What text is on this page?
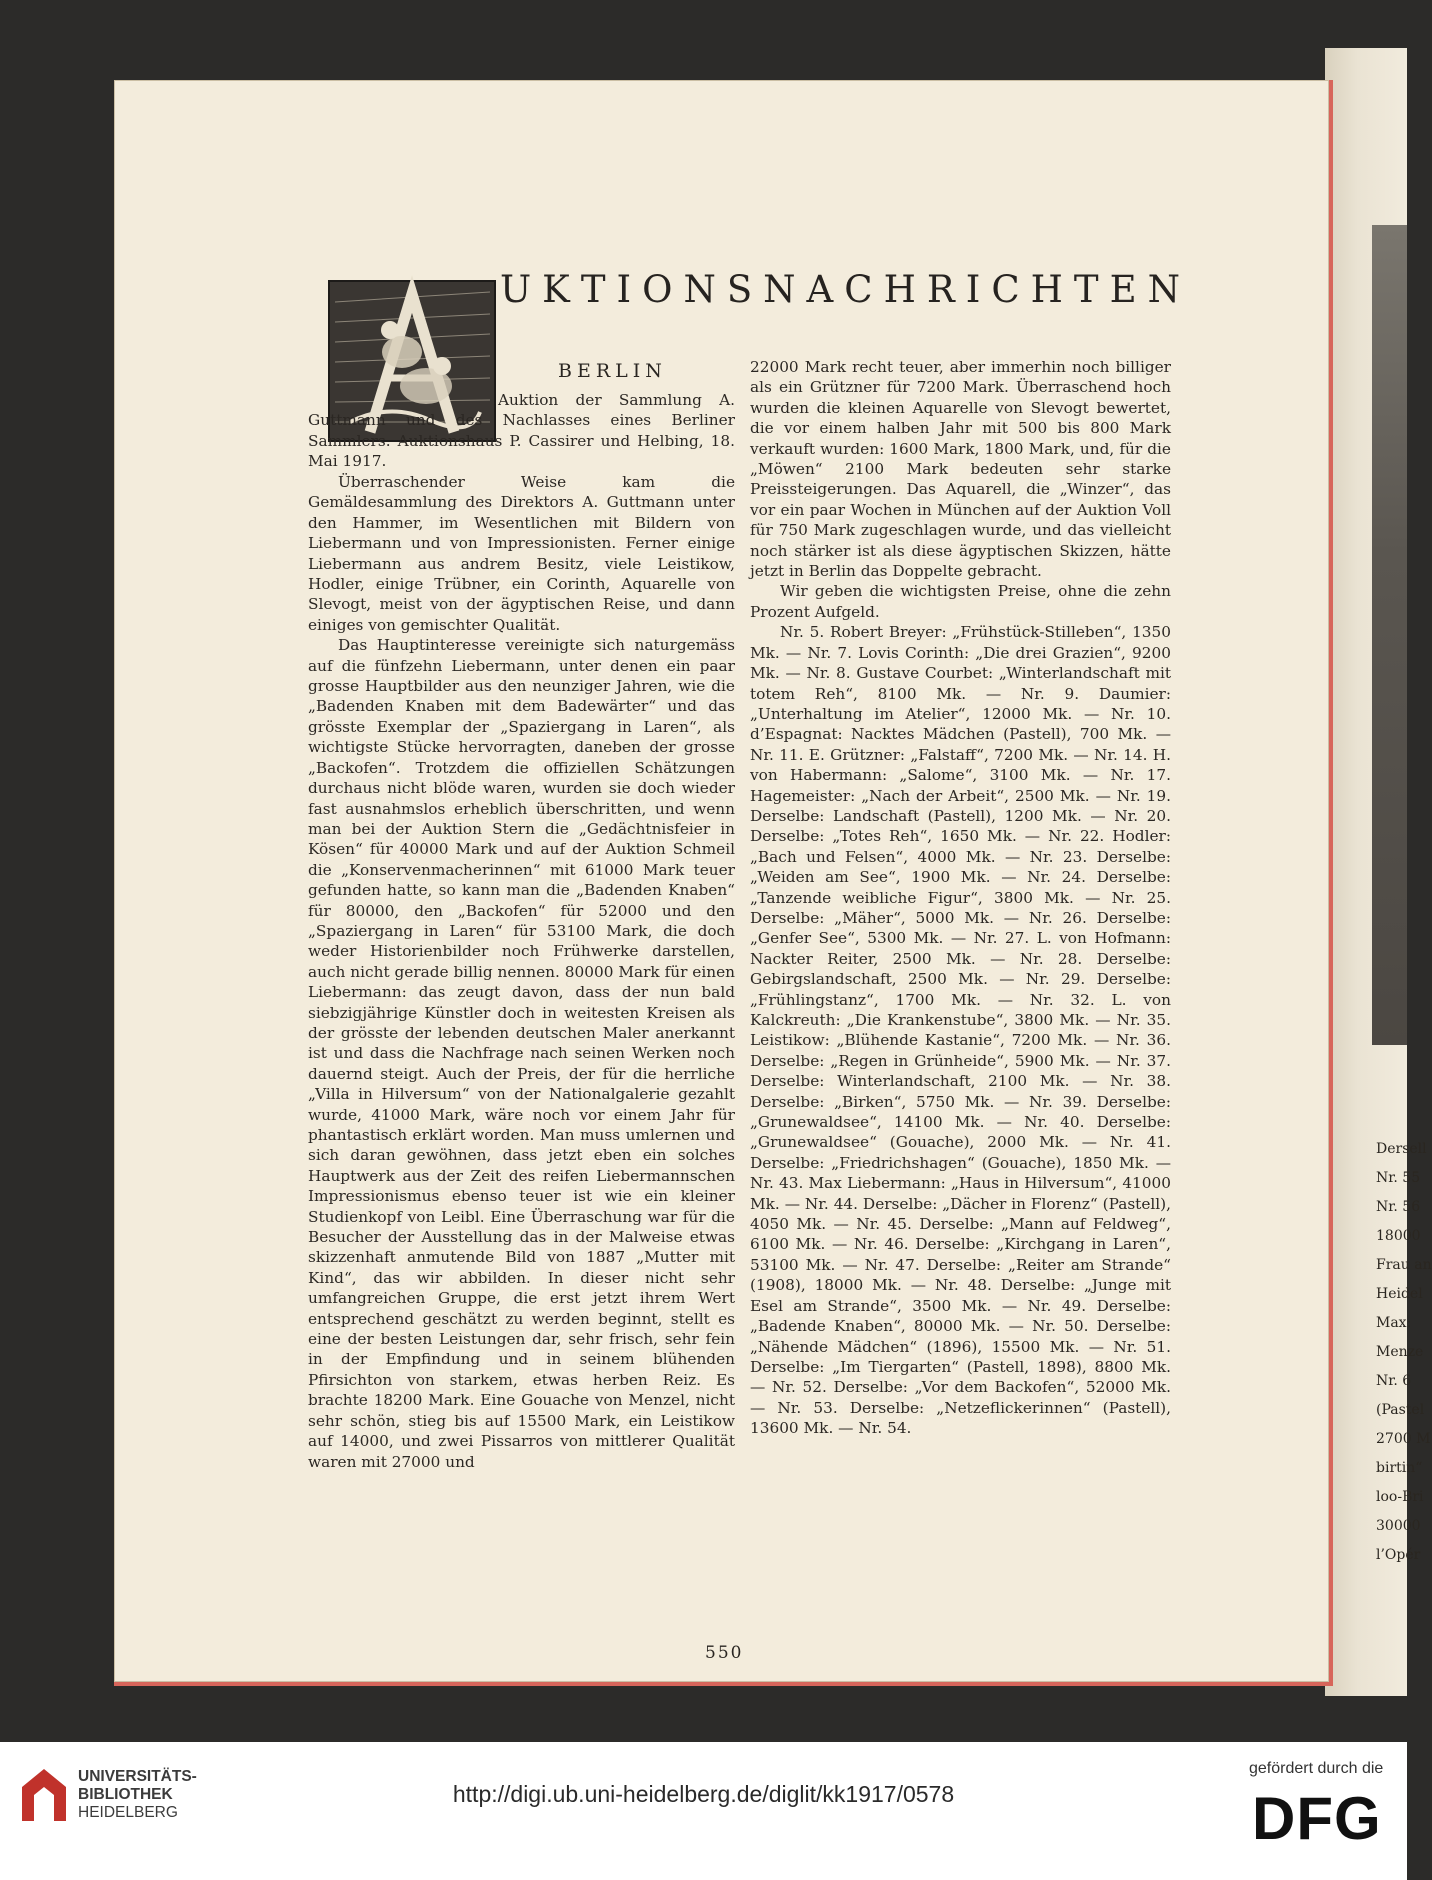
Dersell
Nr. 55
Nr. 56
18000
Frau an
Heidel
Max:
Menze
Nr. 6
(Pastel
2700 M
birtin“
loo-Bri
30000
l’Opér
UKTIONSNACHRICHTEN
BERLIN
Auktion der Sammlung A. Guttmann und des Nachlasses eines Berliner Sammlers. Auktionshaus P. Cassirer und Helbing, 18. Mai 1917.

Überraschender Weise kam die Gemäldesammlung des Direktors A. Guttmann unter den Hammer, im Wesentlichen mit Bildern von Liebermann und von Impressionisten. Ferner einige Liebermann aus andrem Besitz, viele Leistikow, Hodler, einige Trübner, ein Corinth, Aquarelle von Slevogt, meist von der ägyptischen Reise, und dann einiges von gemischter Qualität.

Das Hauptinteresse vereinigte sich naturgemäss auf die fünfzehn Liebermann, unter denen ein paar grosse Hauptbilder aus den neunziger Jahren, wie die „Badenden Knaben mit dem Badewärter“ und das grösste Exemplar der „Spaziergang in Laren“, als wichtigste Stücke hervorragten, daneben der grosse „Backofen“. Trotzdem die offiziellen Schätzungen durchaus nicht blöde waren, wurden sie doch wieder fast ausnahmslos erheblich überschritten, und wenn man bei der Auktion Stern die „Gedächtnisfeier in Kösen“ für 40000 Mark und auf der Auktion Schmeil die „Konservenmacherinnen“ mit 61000 Mark teuer gefunden hatte, so kann man die „Badenden Knaben“ für 80000, den „Backofen“ für 52000 und den „Spaziergang in Laren“ für 53100 Mark, die doch weder Historienbilder noch Frühwerke darstellen, auch nicht gerade billig nennen. 80000 Mark für einen Liebermann: das zeugt davon, dass der nun bald siebzigjährige Künstler doch in weitesten Kreisen als der grösste der lebenden deutschen Maler anerkannt ist und dass die Nachfrage nach seinen Werken noch dauernd steigt. Auch der Preis, der für die herrliche „Villa in Hilversum“ von der Nationalgalerie gezahlt wurde, 41000 Mark, wäre noch vor einem Jahr für phantastisch erklärt worden. Man muss umlernen und sich daran gewöhnen, dass jetzt eben ein solches Hauptwerk aus der Zeit des reifen Liebermannschen Impressionismus ebenso teuer ist wie ein kleiner Studienkopf von Leibl. Eine Überraschung war für die Besucher der Ausstellung das in der Malweise etwas skizzenhaft anmutende Bild von 1887 „Mutter mit Kind“, das wir abbilden. In dieser nicht sehr umfangreichen Gruppe, die erst jetzt ihrem Wert entsprechend geschätzt zu werden beginnt, stellt es eine der besten Leistungen dar, sehr frisch, sehr fein in der Empfindung und in seinem blühenden Pfirsichton von starkem, etwas herben Reiz. Es brachte 18200 Mark. Eine Gouache von Menzel, nicht sehr schön, stieg bis auf 15500 Mark, ein Leistikow auf 14000, und zwei Pissarros von mittlerer Qualität waren mit 27000 und

22000 Mark recht teuer, aber immerhin noch billiger als ein Grützner für 7200 Mark. Überraschend hoch wurden die kleinen Aquarelle von Slevogt bewertet, die vor einem halben Jahr mit 500 bis 800 Mark verkauft wurden: 1600 Mark, 1800 Mark, und, für die „Möwen“ 2100 Mark bedeuten sehr starke Preissteigerungen. Das Aquarell, die „Winzer“, das vor ein paar Wochen in München auf der Auktion Voll für 750 Mark zugeschlagen wurde, und das vielleicht noch stärker ist als diese ägyptischen Skizzen, hätte jetzt in Berlin das Doppelte gebracht.

Wir geben die wichtigsten Preise, ohne die zehn Prozent Aufgeld.

Nr. 5. Robert Breyer: „Frühstück-Stilleben“, 1350 Mk. — Nr. 7. Lovis Corinth: „Die drei Grazien“, 9200 Mk. — Nr. 8. Gustave Courbet: „Winterlandschaft mit totem Reh“, 8100 Mk. — Nr. 9. Daumier: „Unterhaltung im Atelier“, 12000 Mk. — Nr. 10. d’Espagnat: Nacktes Mädchen (Pastell), 700 Mk. — Nr. 11. E. Grützner: „Falstaff“, 7200 Mk. — Nr. 14. H. von Habermann: „Salome“, 3100 Mk. — Nr. 17. Hagemeister: „Nach der Arbeit“, 2500 Mk. — Nr. 19. Derselbe: Landschaft (Pastell), 1200 Mk. — Nr. 20. Derselbe: „Totes Reh“, 1650 Mk. — Nr. 22. Hodler: „Bach und Felsen“, 4000 Mk. — Nr. 23. Derselbe: „Weiden am See“, 1900 Mk. — Nr. 24. Derselbe: „Tanzende weibliche Figur“, 3800 Mk. — Nr. 25. Derselbe: „Mäher“, 5000 Mk. — Nr. 26. Derselbe: „Genfer See“, 5300 Mk. — Nr. 27. L. von Hofmann: Nackter Reiter, 2500 Mk. — Nr. 28. Derselbe: Gebirgslandschaft, 2500 Mk. — Nr. 29. Derselbe: „Frühlingstanz“, 1700 Mk. — Nr. 32. L. von Kalckreuth: „Die Krankenstube“, 3800 Mk. — Nr. 35. Leistikow: „Blühende Kastanie“, 7200 Mk. — Nr. 36. Derselbe: „Regen in Grünheide“, 5900 Mk. — Nr. 37. Derselbe: Winterlandschaft, 2100 Mk. — Nr. 38. Derselbe: „Birken“, 5750 Mk. — Nr. 39. Derselbe: „Grunewaldsee“, 14100 Mk. — Nr. 40. Derselbe: „Grunewaldsee“ (Gouache), 2000 Mk. — Nr. 41. Derselbe: „Friedrichshagen“ (Gouache), 1850 Mk. — Nr. 43. Max Liebermann: „Haus in Hilversum“, 41000 Mk. — Nr. 44. Derselbe: „Dächer in Florenz“ (Pastell), 4050 Mk. — Nr. 45. Derselbe: „Mann auf Feldweg“, 6100 Mk. — Nr. 46. Derselbe: „Kirchgang in Laren“, 53100 Mk. — Nr. 47. Derselbe: „Reiter am Strande“ (1908), 18000 Mk. — Nr. 48. Derselbe: „Junge mit Esel am Strande“, 3500 Mk. — Nr. 49. Derselbe: „Badende Knaben“, 80000 Mk. — Nr. 50. Derselbe: „Nähende Mädchen“ (1896), 15500 Mk. — Nr. 51. Derselbe: „Im Tiergarten“ (Pastell, 1898), 8800 Mk. — Nr. 52. Derselbe: „Vor dem Backofen“, 52000 Mk. — Nr. 53. Derselbe: „Netzeflickerinnen“ (Pastell), 13600 Mk. — Nr. 54.

550
UNIVERSITÄTS-
BIBLIOTHEK
HEIDELBERG
http://digi.ub.uni-heidelberg.de/diglit/kk1917/0578
gefördert durch die
DFG
